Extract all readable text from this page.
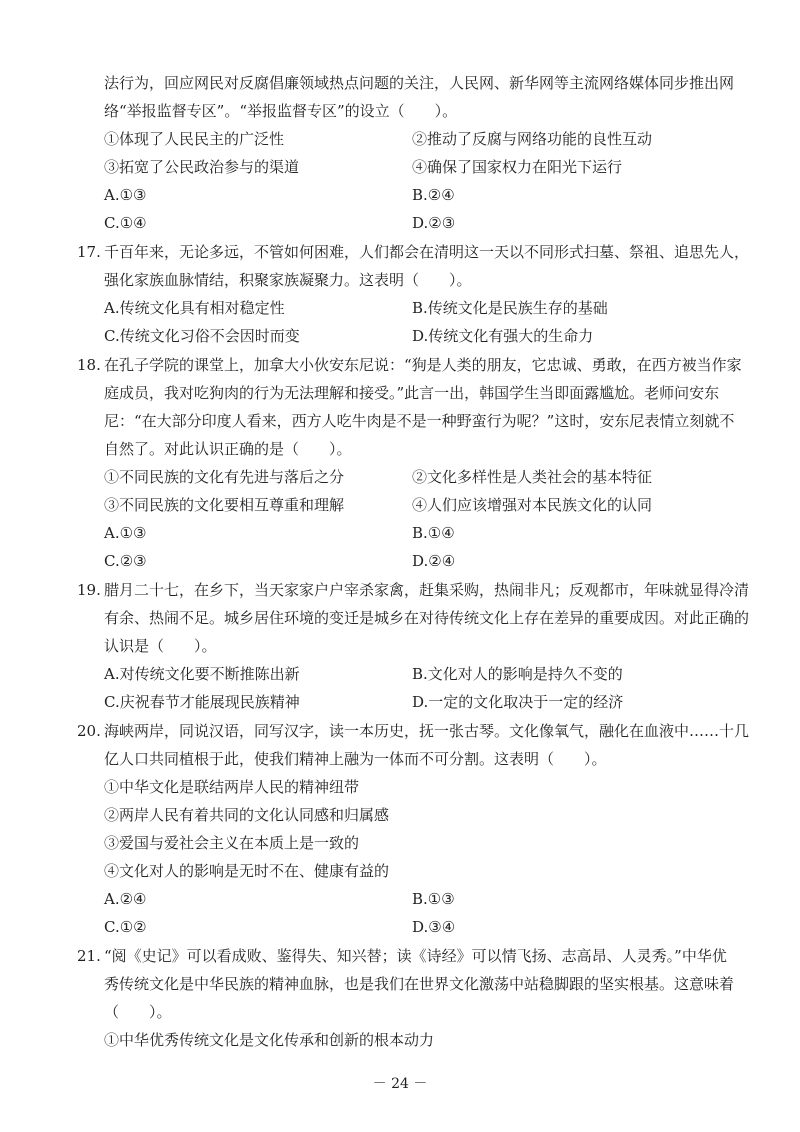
法行为，回应网民对反腐倡廉领域热点问题的关注，人民网、新华网等主流网络媒体同步推出网
络“举报监督专区”。“举报监督专区”的设立（　　）。
①体现了人民民主的广泛性	②推动了反腐与网络功能的良性互动
③拓宽了公民政治参与的渠道	④确保了国家权力在阳光下运行
A.①③	B.②④
C.①④	D.②③
17. 千百年来，无论多远，不管如何困难，人们都会在清明这一天以不同形式扫墓、祭祖、追思先人，
强化家族血脉情结，积聚家族凝聚力。这表明（　　）。
A.传统文化具有相对稳定性	B.传统文化是民族生存的基础
C.传统文化习俗不会因时而变	D.传统文化有强大的生命力
18. 在孔子学院的课堂上，加拿大小伙安东尼说：“狗是人类的朋友，它忠诚、勇敢，在西方被当作家
庭成员，我对吃狗肉的行为无法理解和接受。”此言一出，韩国学生当即面露尴尬。老师问安东
尼：“在大部分印度人看来，西方人吃牛肉是不是一种野蛮行为呢？”这时，安东尼表情立刻就不
自然了。对此认识正确的是（　　）。
①不同民族的文化有先进与落后之分	②文化多样性是人类社会的基本特征
③不同民族的文化要相互尊重和理解	④人们应该增强对本民族文化的认同
A.①③	B.①④
C.②③	D.②④
19. 腊月二十七，在乡下，当天家家户户宰杀家禽，赶集采购，热闹非凡；反观都市，年味就显得冷清
有余、热闹不足。城乡居住环境的变迁是城乡在对待传统文化上存在差异的重要成因。对此正确的
认识是（　　）。
A.对传统文化要不断推陈出新	B.文化对人的影响是持久不变的
C.庆祝春节才能展现民族精神	D.一定的文化取决于一定的经济
20. 海峡两岸，同说汉语，同写汉字，读一本历史，抚一张古琴。文化像氧气，融化在血液中……十几
亿人口共同植根于此，使我们精神上融为一体而不可分割。这表明（　　）。
①中华文化是联结两岸人民的精神纽带
②两岸人民有着共同的文化认同感和归属感
③爱国与爱社会主义在本质上是一致的
④文化对人的影响是无时不在、健康有益的
A.②④	B.①③
C.①②	D.③④
21. “阅《史记》可以看成败、鉴得失、知兴替；读《诗经》可以情飞扬、志高昂、人灵秀。”中华优
秀传统文化是中华民族的精神血脉，也是我们在世界文化激荡中站稳脚跟的坚实根基。这意味着
（　　）。
①中华优秀传统文化是文化传承和创新的根本动力
－ 24 －
